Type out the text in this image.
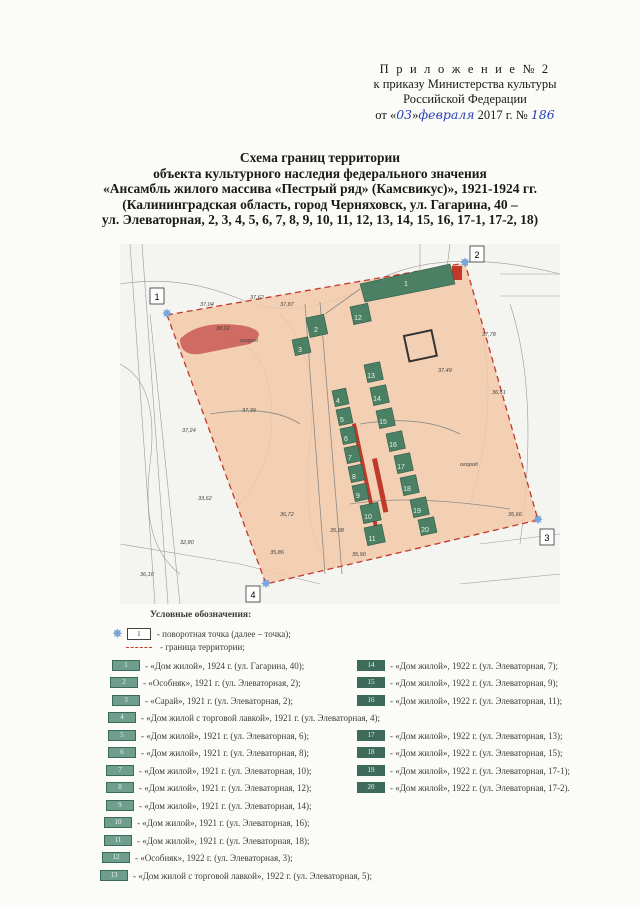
П р и л о ж е н и е № 2
к приказу Министерства культуры
Российской Федерации
от «03»февраля 2017 г. № 186
Схема границ территории
объекта культурного наследия федерального значения
«Ансамбль жилого массива «Пестрый ряд» (Камсвикус)», 1921-1924 гг.
(Калининградская область, город Черняховск, ул. Гагарина, 40 –
ул. Элеваторная, 2, 3, 4, 5, 6, 7, 8, 9, 10, 11, 12, 13, 14, 15, 16, 17-1, 17-2, 18)
1
2
3
4
5
6
7
8
9
10
11
12
13
14
15
16
17
18
19
20
огород
огород
37,04
37,62
37,87
37,78
37,49
38,02
37,39
37,24
36,72
35,86	35,90
35,66
32,80
36,10
36,51
33,62
35,98
✸
✸
✸
✸
1
2
3
4
Условные обозначения:
✸	1	- поворотная точка (далее – точка);
- граница территории;
1	- «Дом жилой», 1924 г. (ул. Гагарина, 40);
2	- «Особняк», 1921 г. (ул. Элеваторная, 2);
3	- «Сарай», 1921 г. (ул. Элеваторная, 2);
4	- «Дом жилой с торговой лавкой», 1921 г. (ул. Элеваторная, 4);
5	- «Дом жилой», 1921 г. (ул. Элеваторная, 6);
6	- «Дом жилой», 1921 г. (ул. Элеваторная, 8);
7	- «Дом жилой», 1921 г. (ул. Элеваторная, 10);
8	- «Дом жилой», 1921 г. (ул. Элеваторная, 12);
9	- «Дом жилой», 1921 г. (ул. Элеваторная, 14);
10	- «Дом жилой», 1921 г. (ул. Элеваторная, 16);
11	- «Дом жилой», 1921 г. (ул. Элеваторная, 18);
12	- «Особняк», 1922 г. (ул. Элеваторная, 3);
13	- «Дом жилой с торговой лавкой», 1922 г. (ул. Элеваторная, 5);
14	- «Дом жилой», 1922 г. (ул. Элеваторная, 7);
15	- «Дом жилой», 1922 г. (ул. Элеваторная, 9);
16	- «Дом жилой», 1922 г. (ул. Элеваторная, 11);
17	- «Дом жилой», 1922 г. (ул. Элеваторная, 13);
18	- «Дом жилой», 1922 г. (ул. Элеваторная, 15);
19	- «Дом жилой», 1922 г. (ул. Элеваторная, 17-1);
20	- «Дом жилой», 1922 г. (ул. Элеваторная, 17-2).
